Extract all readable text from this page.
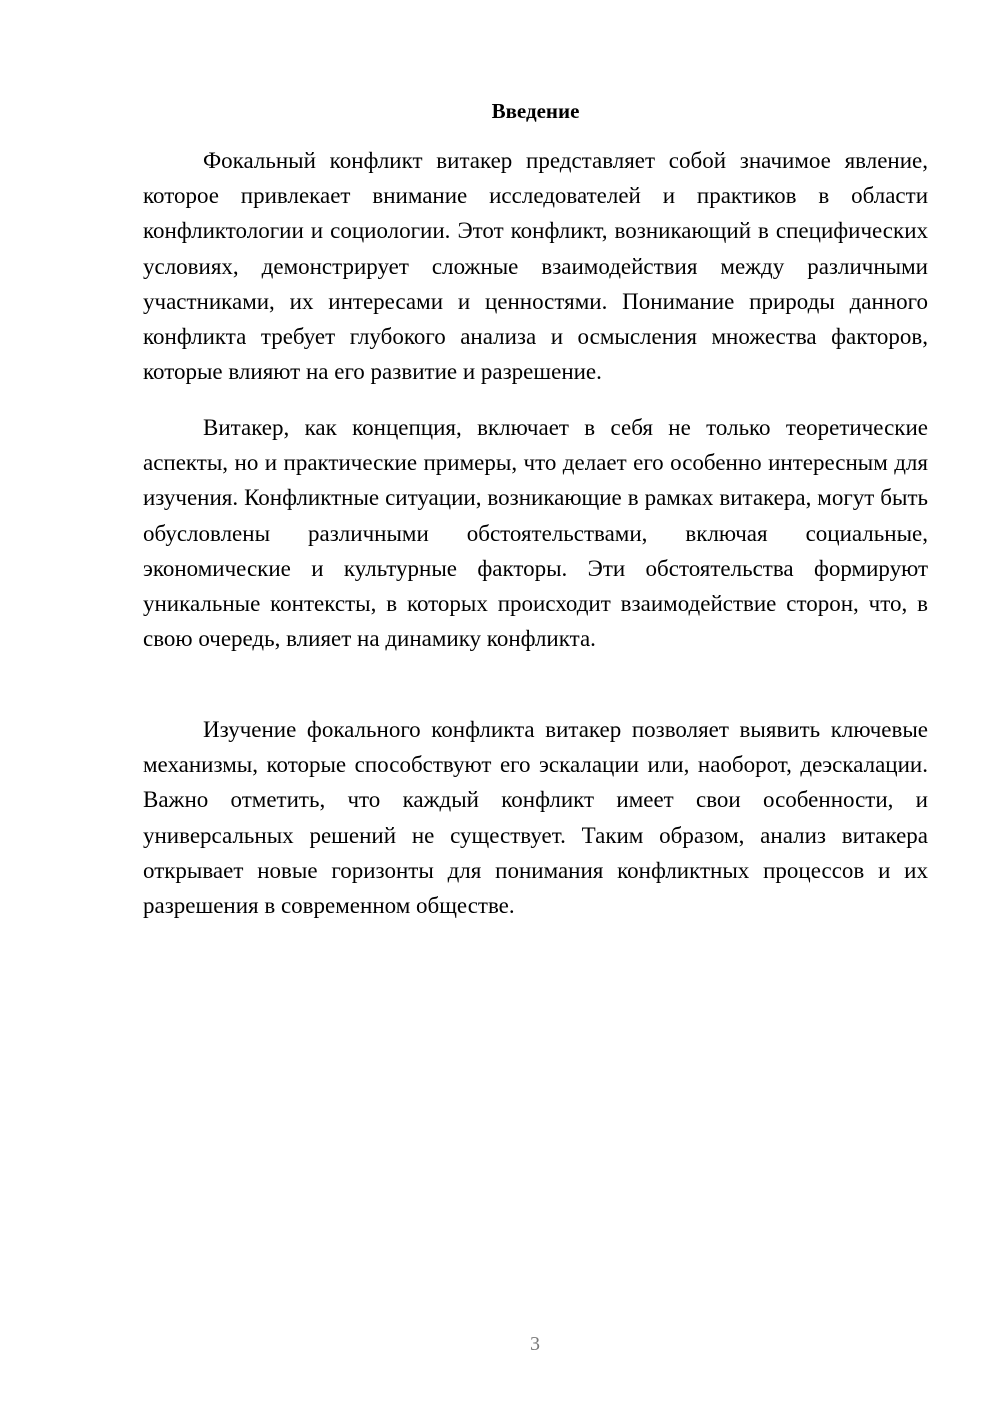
Введение

Фокальный конфликт витакер представляет собой значимое явление, которое привлекает внимание исследователей и практиков в области конфликтологии и социологии. Этот конфликт, возникающий в специфических условиях, демонстрирует сложные взаимодействия между различными участниками, их интересами и ценностями. Понимание природы данного конфликта требует глубокого анализа и осмысления множества факторов, которые влияют на его развитие и разрешение.

Витакер, как концепция, включает в себя не только теоретические аспекты, но и практические примеры, что делает его особенно интересным для изучения. Конфликтные ситуации, возникающие в рамках витакера, могут быть обусловлены различными обстоятельствами, включая социальные, экономические и культурные факторы. Эти обстоятельства формируют уникальные контексты, в которых происходит взаимодействие сторон, что, в свою очередь, влияет на динамику конфликта.

Изучение фокального конфликта витакер позволяет выявить ключевые механизмы, которые способствуют его эскалации или, наоборот, деэскалации. Важно отметить, что каждый конфликт имеет свои особенности, и универсальных решений не существует. Таким образом, анализ витакера открывает новые горизонты для понимания конфликтных процессов и их разрешения в современном обществе.

3
